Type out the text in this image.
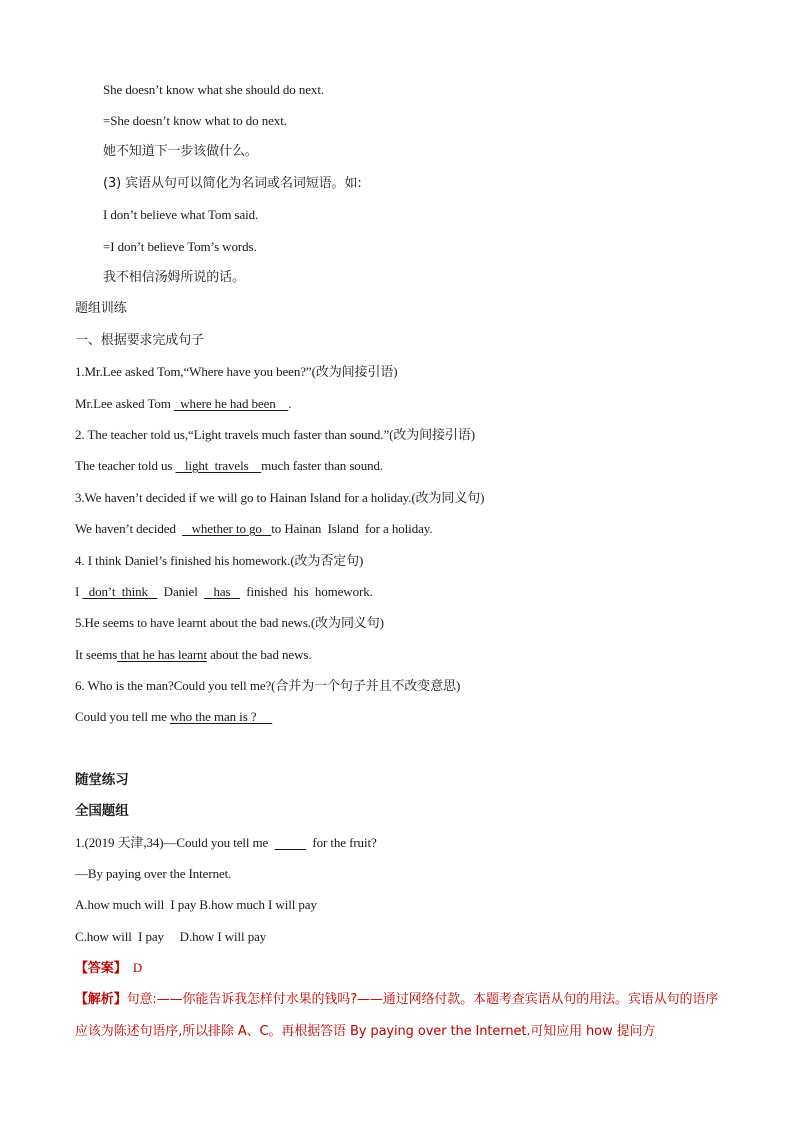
She doesn’t know what she should do next.
=She doesn’t know what to do next.
她不知道下一步该做什么。
(3) 宾语从句可以简化为名词或名词短语。如:
I don’t believe what Tom said.
=I don’t believe Tom’s words.
我不相信汤姆所说的话。
题组训练
一、根据要求完成句子
1.Mr.Lee asked Tom,“Where have you been?”(改为间接引语)
Mr.Lee asked Tom   where he had been    .
2. The teacher told us,“Light travels much faster than sound.”(改为间接引语)
The teacher told us    light  travels    much faster than sound.
3.We haven’t decided if we will go to Hainan Island for a holiday.(改为同义句)
We haven’t decided     whether to go   to Hainan  Island  for a holiday.
4. I think Daniel’s finished his homework.(改为否定句)
I   don’t  think     Daniel     has     finished  his  homework.
5.He seems to have learnt about the bad news.(改为同义句)
It seems that he has learnt about the bad news.
6. Who is the man?Could you tell me?(合并为一个句子并且不改变意思)
Could you tell me who the man is ?
随堂练习
全国题组
1.(2019 天津,34)—Could you tell me              for the fruit?
—By paying over the Internet.
A.how much will  I pay B.how much I will pay
C.how will  I pay     D.how I will pay
【答案】  D
【解析】句意:——你能告诉我怎样付水果的钱吗?——通过网络付款。本题考查宾语从句的用法。宾语从句的语序应该为陈述句语序,所以排除 A、C。再根据答语 By paying over the Internet.可知应用 how 提问方
